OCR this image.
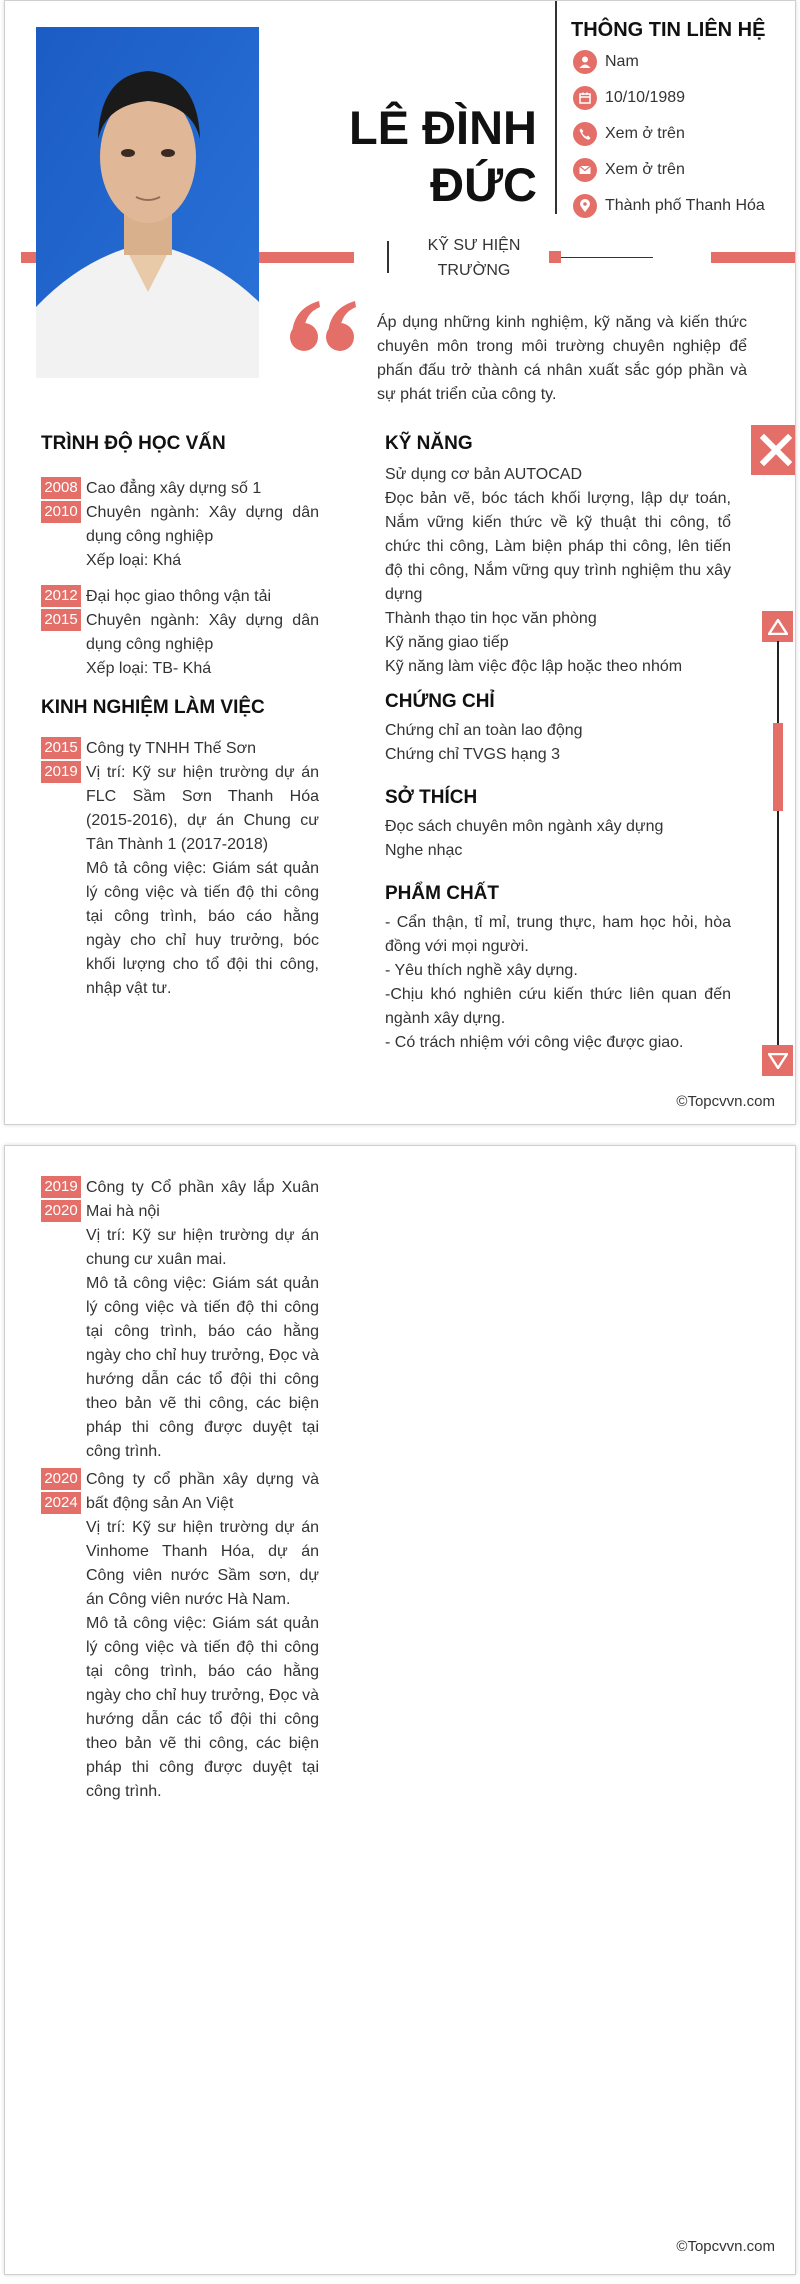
LÊ ĐÌNH
ĐỨC
KỸ SƯ HIỆN TRƯỜNG
THÔNG TIN LIÊN HỆ
Nam
10/10/1989
Xem ở trên
Xem ở trên
Thành phố Thanh Hóa
Áp dụng những kinh nghiệm, kỹ năng và kiến thức chuyên môn trong môi trường chuyên nghiệp để phấn đấu trở thành cá nhân xuất sắc góp phần và sự phát triển của công ty.
TRÌNH ĐỘ HỌC VẤN
2008
2010

Cao đẳng xây dựng số 1

Chuyên ngành: Xây dựng dân dụng công nghiệp

Xếp loại: Khá

2012
2015

Đại học giao thông vận tải

Chuyên ngành: Xây dựng dân dụng công nghiệp

Xếp loại: TB- Khá

KINH NGHIỆM LÀM VIỆC
2015
2019

Công ty TNHH Thế Sơn

Vị trí: Kỹ sư hiện trường dự án FLC Sầm Sơn Thanh Hóa (2015-2016), dự án Chung cư Tân Thành 1 (2017-2018)

Mô tả công việc: Giám sát quản lý công việc và tiến độ thi công tại công trình, báo cáo hằng ngày cho chỉ huy trưởng, bóc khối lượng cho tổ đội thi công, nhập vật tư.

KỸ NĂNG

Sử dụng cơ bản AUTOCAD

Đọc bản vẽ, bóc tách khối lượng, lập dự toán, Nắm vững kiến thức về kỹ thuật thi công, tổ chức thi công, Làm biện pháp thi công, lên tiến độ thi công, Nắm vững quy trình nghiệm thu xây dựng

Thành thạo tin học văn phòng

Kỹ năng giao tiếp

Kỹ năng làm việc độc lập hoặc theo nhóm

CHỨNG CHỈ

Chứng chỉ an toàn lao động

Chứng chỉ TVGS hạng 3

SỞ THÍCH

Đọc sách chuyên môn ngành xây dựng

Nghe nhạc

PHẨM CHẤT

- Cẩn thận, tỉ mỉ, trung thực, ham học hỏi, hòa đồng với mọi người.

- Yêu thích nghề xây dựng.

-Chịu khó nghiên cứu kiến thức liên quan đến ngành xây dựng.

- Có trách nhiệm với công việc được giao.

©Topcvvn.com
2019
2020

Công ty Cổ phần xây lắp Xuân Mai hà nội

Vị trí: Kỹ sư hiện trường dự án chung cư xuân mai.

Mô tả công việc: Giám sát quản lý công việc và tiến độ thi công tại công trình, báo cáo hằng ngày cho chỉ huy trưởng, Đọc và hướng dẫn các tổ đội thi công theo bản vẽ thi công, các biện pháp thi công được duyệt tại công trình.

2020
2024

Công ty cổ phần xây dựng và bất động sản An Việt

Vị trí: Kỹ sư hiện trường dự án Vinhome Thanh Hóa, dự án Công viên nước Sầm sơn, dự án Công viên nước Hà Nam.

Mô tả công việc: Giám sát quản lý công việc và tiến độ thi công tại công trình, báo cáo hằng ngày cho chỉ huy trưởng, Đọc và hướng dẫn các tổ đội thi công theo bản vẽ thi công, các biện pháp thi công được duyệt tại công trình.

©Topcvvn.com
